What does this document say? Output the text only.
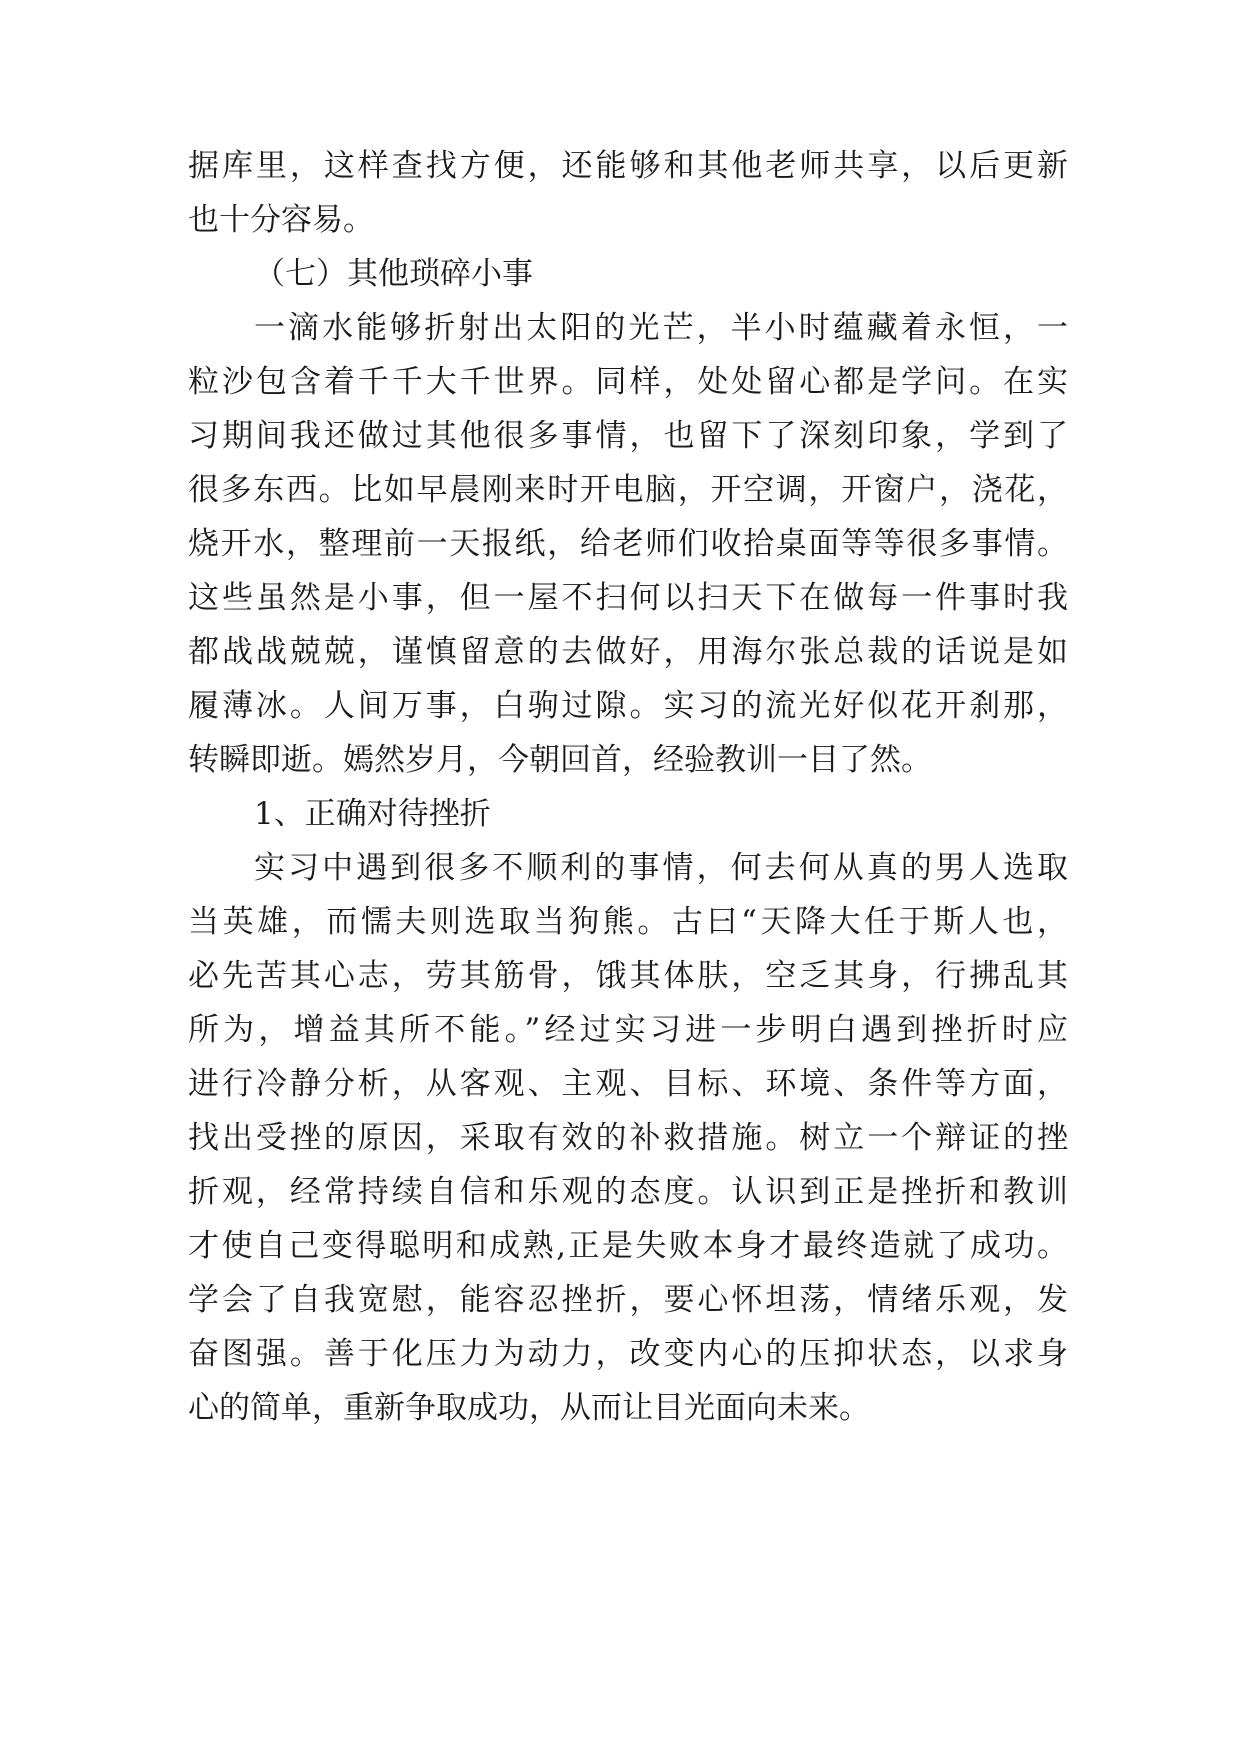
据库里，这样查找方便，还能够和其他老师共享，以后更新
也十分容易。
（七）其他琐碎小事
一滴水能够折射出太阳的光芒，半小时蕴藏着永恒，一
粒沙包含着千千大千世界。同样，处处留心都是学问。在实
习期间我还做过其他很多事情，也留下了深刻印象，学到了
很多东西。比如早晨刚来时开电脑，开空调，开窗户，浇花，
烧开水，整理前一天报纸，给老师们收拾桌面等等很多事情。
这些虽然是小事，但一屋不扫何以扫天下在做每一件事时我
都战战兢兢，谨慎留意的去做好，用海尔张总裁的话说是如
履薄冰。人间万事，白驹过隙。实习的流光好似花开刹那，
转瞬即逝。嫣然岁月，今朝回首，经验教训一目了然。
1、正确对待挫折
实习中遇到很多不顺利的事情，何去何从真的男人选取
当英雄，而懦夫则选取当狗熊。古曰“天降大任于斯人也，
必先苦其心志，劳其筋骨，饿其体肤，空乏其身，行拂乱其
所为，增益其所不能。”经过实习进一步明白遇到挫折时应
进行冷静分析，从客观、主观、目标、环境、条件等方面，
找出受挫的原因，采取有效的补救措施。树立一个辩证的挫
折观，经常持续自信和乐观的态度。认识到正是挫折和教训
才使自己变得聪明和成熟,正是失败本身才最终造就了成功。
学会了自我宽慰，能容忍挫折，要心怀坦荡，情绪乐观，发
奋图强。善于化压力为动力，改变内心的压抑状态，以求身
心的简单，重新争取成功，从而让目光面向未来。
